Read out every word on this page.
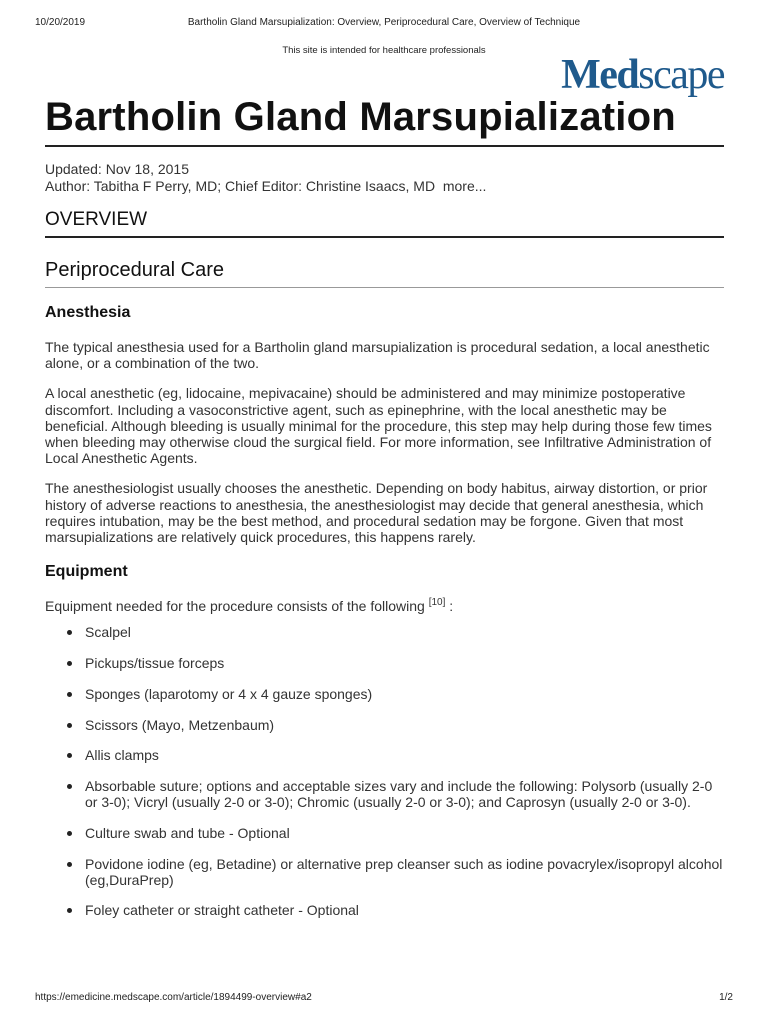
10/20/2019	Bartholin Gland Marsupialization: Overview, Periprocedural Care, Overview of Technique
This site is intended for healthcare professionals
Medscape
Bartholin Gland Marsupialization
Updated: Nov 18, 2015
Author: Tabitha F Perry, MD; Chief Editor: Christine Isaacs, MD more...
OVERVIEW
Periprocedural Care
Anesthesia

The typical anesthesia used for a Bartholin gland marsupialization is procedural sedation, a local anesthetic alone, or a combination of the two.

A local anesthetic (eg, lidocaine, mepivacaine) should be administered and may minimize postoperative discomfort. Including a vasoconstrictive agent, such as epinephrine, with the local anesthetic may be beneficial. Although bleeding is usually minimal for the procedure, this step may help during those few times when bleeding may otherwise cloud the surgical field. For more information, see Infiltrative Administration of Local Anesthetic Agents.

The anesthesiologist usually chooses the anesthetic. Depending on body habitus, airway distortion, or prior history of adverse reactions to anesthesia, the anesthesiologist may decide that general anesthesia, which requires intubation, may be the best method, and procedural sedation may be forgone. Given that most marsupializations are relatively quick procedures, this happens rarely.

Equipment

Equipment needed for the procedure consists of the following [10] :

Scalpel
Pickups/tissue forceps
Sponges (laparotomy or 4 x 4 gauze sponges)
Scissors (Mayo, Metzenbaum)
Allis clamps
Absorbable suture; options and acceptable sizes vary and include the following: Polysorb (usually 2-0 or 3-0); Vicryl (usually 2-0 or 3-0); Chromic (usually 2-0 or 3-0); and Caprosyn (usually 2-0 or 3-0).
Culture swab and tube - Optional
Povidone iodine (eg, Betadine) or alternative prep cleanser such as iodine povacrylex/isopropyl alcohol (eg,DuraPrep)
Foley catheter or straight catheter - Optional
https://emedicine.medscape.com/article/1894499-overview#a2	1/2
